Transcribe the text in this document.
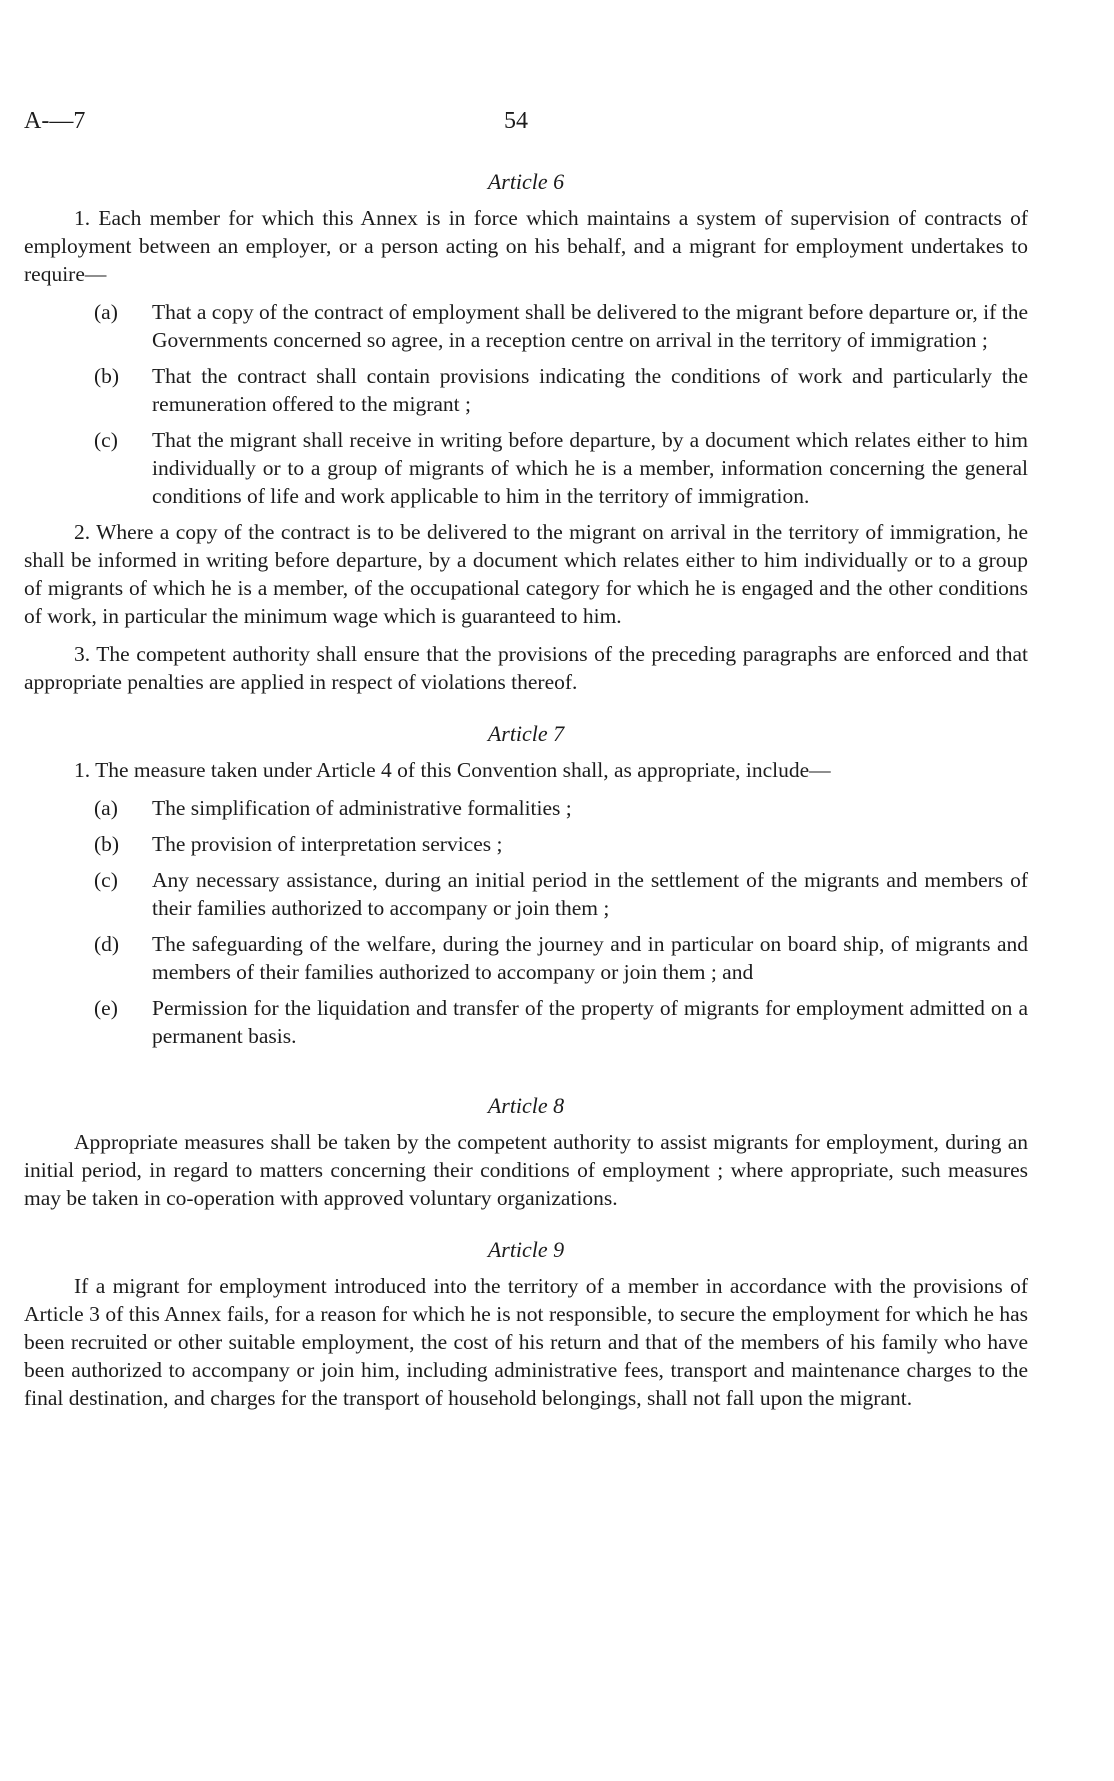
A-—7	54
Article 6

1. Each member for which this Annex is in force which maintains a system of supervision of contracts of employment between an employer, or a person acting on his behalf, and a migrant for employment undertakes to require—

(a) That a copy of the contract of employment shall be delivered to the migrant before departure or, if the Governments concerned so agree, in a reception centre on arrival in the territory of immigration ;
(b) That the contract shall contain provisions indicating the conditions of work and particularly the remuneration offered to the migrant ;
(c) That the migrant shall receive in writing before departure, by a document which relates either to him individually or to a group of migrants of which he is a member, information concerning the general conditions of life and work applicable to him in the territory of immigration.

2. Where a copy of the contract is to be delivered to the migrant on arrival in the territory of immigration, he shall be informed in writing before departure, by a document which relates either to him individually or to a group of migrants of which he is a member, of the occupational category for which he is engaged and the other conditions of work, in particular the minimum wage which is guaranteed to him.

3. The competent authority shall ensure that the provisions of the preceding paragraphs are enforced and that appropriate penalties are applied in respect of violations thereof.

Article 7

1. The measure taken under Article 4 of this Convention shall, as appropriate, include—

(a) The simplification of administrative formalities ;
(b) The provision of interpretation services ;
(c) Any necessary assistance, during an initial period in the settlement of the migrants and members of their families authorized to accompany or join them ;
(d) The safeguarding of the welfare, during the journey and in particular on board ship, of migrants and members of their families authorized to accompany or join them ; and
(e) Permission for the liquidation and transfer of the property of migrants for employment admitted on a permanent basis.
Article 8

Appropriate measures shall be taken by the competent authority to assist migrants for employment, during an initial period, in regard to matters concerning their conditions of employment ; where appropriate, such measures may be taken in co-operation with approved voluntary organizations.

Article 9

If a migrant for employment introduced into the territory of a member in accordance with the provisions of Article 3 of this Annex fails, for a reason for which he is not responsible, to secure the employment for which he has been recruited or other suitable employment, the cost of his return and that of the members of his family who have been authorized to accompany or join him, including administrative fees, transport and maintenance charges to the final destination, and charges for the transport of household belongings, shall not fall upon the migrant.
